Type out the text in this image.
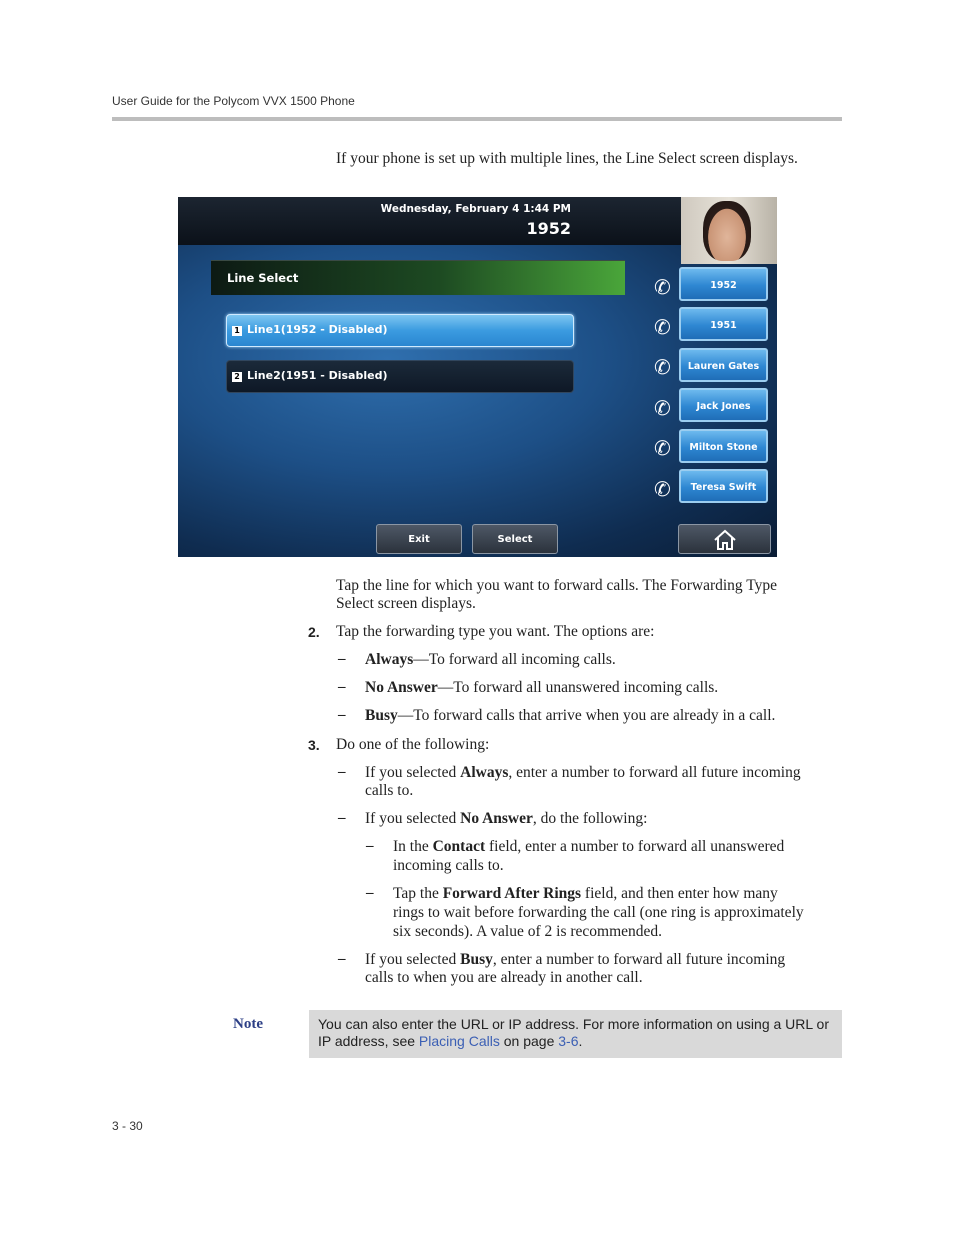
User Guide for the Polycom VVX 1500 Phone
If your phone is set up with multiple lines, the Line Select screen displays.
Wednesday, February 4 1:44 PM
1952
Line Select
1 Line1(1952 - Disabled)
2 Line2(1951 - Disabled)
✆	1952
✆	1951
✆	Lauren Gates
✆	Jack Jones
✆	Milton Stone
✆	Teresa Swift
Exit	Select
Tap the line for which you want to forward calls. The Forwarding Type
Select screen displays.
2. Tap the forwarding type you want. The options are:
– Always—To forward all incoming calls.
– No Answer—To forward all unanswered incoming calls.
– Busy—To forward calls that arrive when you are already in a call.
3. Do one of the following:
– If you selected Always, enter a number to forward all future incoming
calls to.
– If you selected No Answer, do the following:
– In the Contact field, enter a number to forward all unanswered
incoming calls to.
– Tap the Forward After Rings field, and then enter how many
rings to wait before forwarding the call (one ring is approximately
six seconds). A value of 2 is recommended.
– If you selected Busy, enter a number to forward all future incoming
calls to when you are already in another call.
Note	You can also enter the URL or IP address. For more information on using a URL or
IP address, see Placing Calls on page 3-6.
3 - 30
